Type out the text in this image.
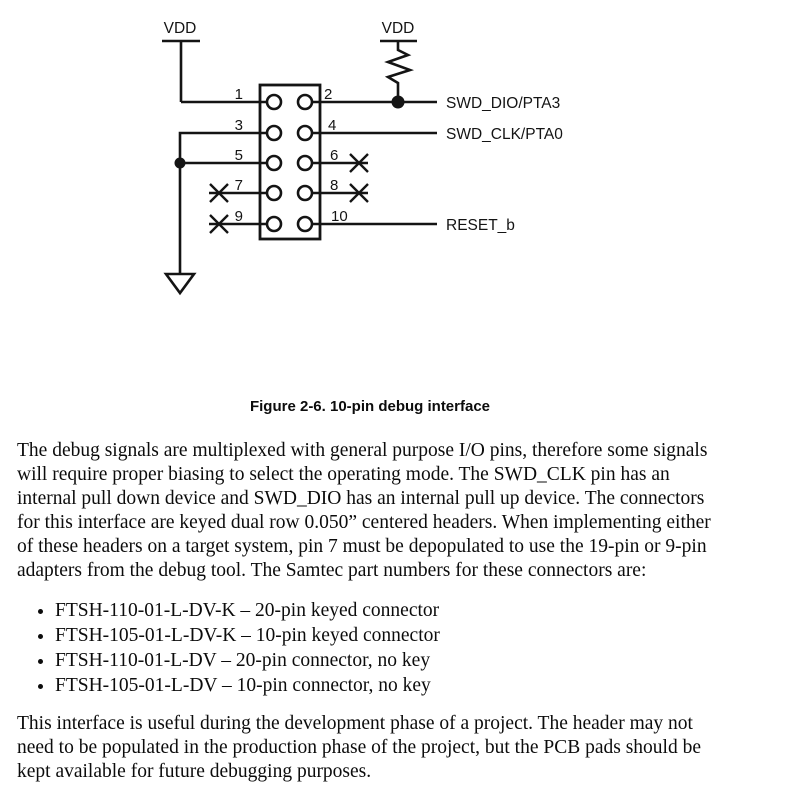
VDD	VDD
1
3
5
7
9
2
4
6
8
10
SWD_DIO/PTA3
SWD_CLK/PTA0
RESET_b
Figure 2-6. 10-pin debug interface
The debug signals are multiplexed with general purpose I/O pins, therefore some signals
will require proper biasing to select the operating mode. The SWD_CLK pin has an
internal pull down device and SWD_DIO has an internal pull up device. The connectors
for this interface are keyed dual row 0.050” centered headers. When implementing either
of these headers on a target system, pin 7 must be depopulated to use the 19-pin or 9-pin
adapters from the debug tool. The Samtec part numbers for these connectors are:
• FTSH-110-01-L-DV-K – 20-pin keyed connector
• FTSH-105-01-L-DV-K – 10-pin keyed connector
• FTSH-110-01-L-DV – 20-pin connector, no key
• FTSH-105-01-L-DV – 10-pin connector, no key
This interface is useful during the development phase of a project. The header may not
need to be populated in the production phase of the project, but the PCB pads should be
kept available for future debugging purposes.
